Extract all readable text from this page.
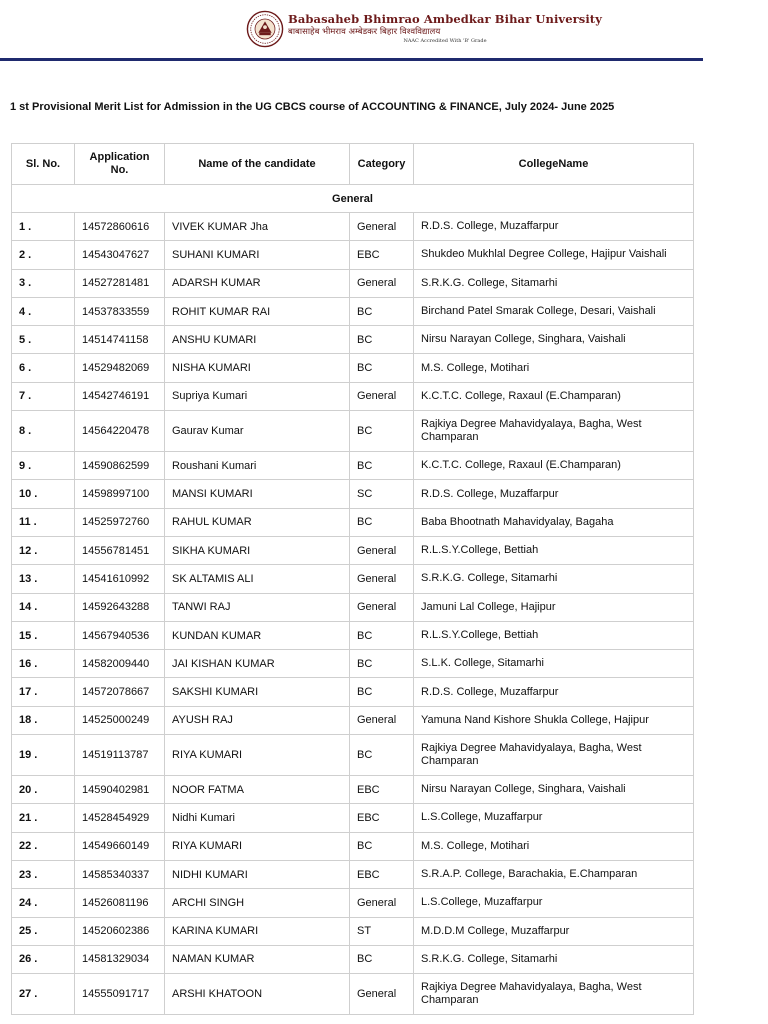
Babasaheb Bhimrao Ambedkar Bihar University
बाबासाहेब भीमराव अम्बेडकर बिहार विश्वविद्यालय
NAAC Accredited With 'B' Grade
1 st Provisional Merit List for Admission in the UG CBCS course of ACCOUNTING & FINANCE, July 2024- June 2025
Sl. No.	Application No.	Name of the candidate	Category	CollegeName
General				
1 .	14572860616	VIVEK KUMAR Jha	General	R.D.S. College, Muzaffarpur
2 .	14543047627	SUHANI KUMARI	EBC	Shukdeo Mukhlal Degree College, Hajipur Vaishali
3 .	14527281481	ADARSH KUMAR	General	S.R.K.G. College, Sitamarhi
4 .	14537833559	ROHIT KUMAR RAI	BC	Birchand Patel Smarak College, Desari, Vaishali
5 .	14514741158	ANSHU KUMARI	BC	Nirsu Narayan College, Singhara, Vaishali
6 .	14529482069	NISHA KUMARI	BC	M.S. College, Motihari
7 .	14542746191	Supriya Kumari	General	K.C.T.C. College, Raxaul (E.Champaran)
8 .	14564220478	Gaurav Kumar	BC	Rajkiya Degree Mahavidyalaya, Bagha, West Champaran
9 .	14590862599	Roushani Kumari	BC	K.C.T.C. College, Raxaul (E.Champaran)
10 .	14598997100	MANSI KUMARI	SC	R.D.S. College, Muzaffarpur
11 .	14525972760	RAHUL KUMAR	BC	Baba Bhootnath Mahavidyalay, Bagaha
12 .	14556781451	SIKHA KUMARI	General	R.L.S.Y.College, Bettiah
13 .	14541610992	SK ALTAMIS ALI	General	S.R.K.G. College, Sitamarhi
14 .	14592643288	TANWI RAJ	General	Jamuni Lal College, Hajipur
15 .	14567940536	KUNDAN KUMAR	BC	R.L.S.Y.College, Bettiah
16 .	14582009440	JAI KISHAN KUMAR	BC	S.L.K. College, Sitamarhi
17 .	14572078667	SAKSHI KUMARI	BC	R.D.S. College, Muzaffarpur
18 .	14525000249	AYUSH RAJ	General	Yamuna Nand Kishore Shukla College, Hajipur
19 .	14519113787	RIYA KUMARI	BC	Rajkiya Degree Mahavidyalaya, Bagha, West Champaran
20 .	14590402981	NOOR FATMA	EBC	Nirsu Narayan College, Singhara, Vaishali
21 .	14528454929	Nidhi Kumari	EBC	L.S.College, Muzaffarpur
22 .	14549660149	RIYA KUMARI	BC	M.S. College, Motihari
23 .	14585340337	NIDHI KUMARI	EBC	S.R.A.P. College, Barachakia, E.Champaran
24 .	14526081196	ARCHI SINGH	General	L.S.College, Muzaffarpur
25 .	14520602386	KARINA KUMARI	ST	M.D.D.M College, Muzaffarpur
26 .	14581329034	NAMAN KUMAR	BC	S.R.K.G. College, Sitamarhi
27 .	14555091717	ARSHI KHATOON	General	Rajkiya Degree Mahavidyalaya, Bagha, West Champaran
